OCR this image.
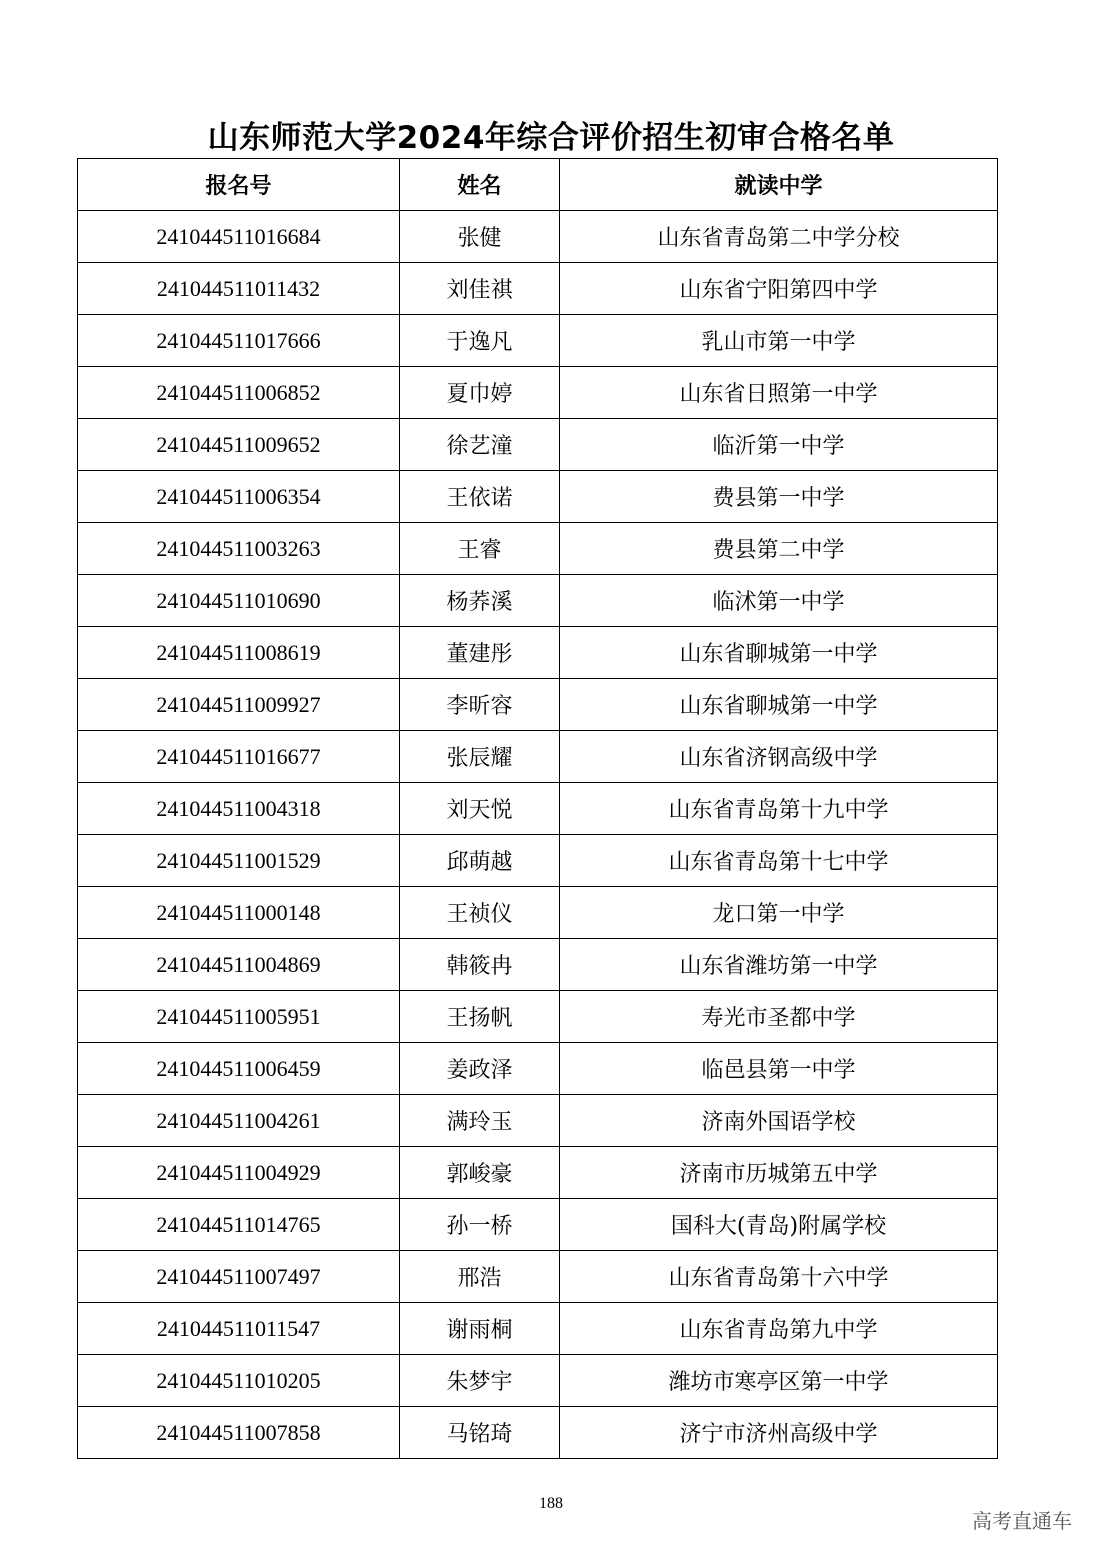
山东师范大学2024年综合评价招生初审合格名单
报名号	姓名	就读中学
241044511016684	张健	山东省青岛第二中学分校
241044511011432	刘佳祺	山东省宁阳第四中学
241044511017666	于逸凡	乳山市第一中学
241044511006852	夏巾婷	山东省日照第一中学
241044511009652	徐艺潼	临沂第一中学
241044511006354	王依诺	费县第一中学
241044511003263	王睿	费县第二中学
241044511010690	杨荞溪	临沭第一中学
241044511008619	董建彤	山东省聊城第一中学
241044511009927	李昕容	山东省聊城第一中学
241044511016677	张辰耀	山东省济钢高级中学
241044511004318	刘天悦	山东省青岛第十九中学
241044511001529	邱萌越	山东省青岛第十七中学
241044511000148	王祯仪	龙口第一中学
241044511004869	韩筱冉	山东省潍坊第一中学
241044511005951	王扬帆	寿光市圣都中学
241044511006459	姜政泽	临邑县第一中学
241044511004261	满玲玉	济南外国语学校
241044511004929	郭峻豪	济南市历城第五中学
241044511014765	孙一桥	国科大(青岛)附属学校
241044511007497	邢浩	山东省青岛第十六中学
241044511011547	谢雨桐	山东省青岛第九中学
241044511010205	朱梦宇	潍坊市寒亭区第一中学
241044511007858	马铭琦	济宁市济州高级中学
188
高考直通车
